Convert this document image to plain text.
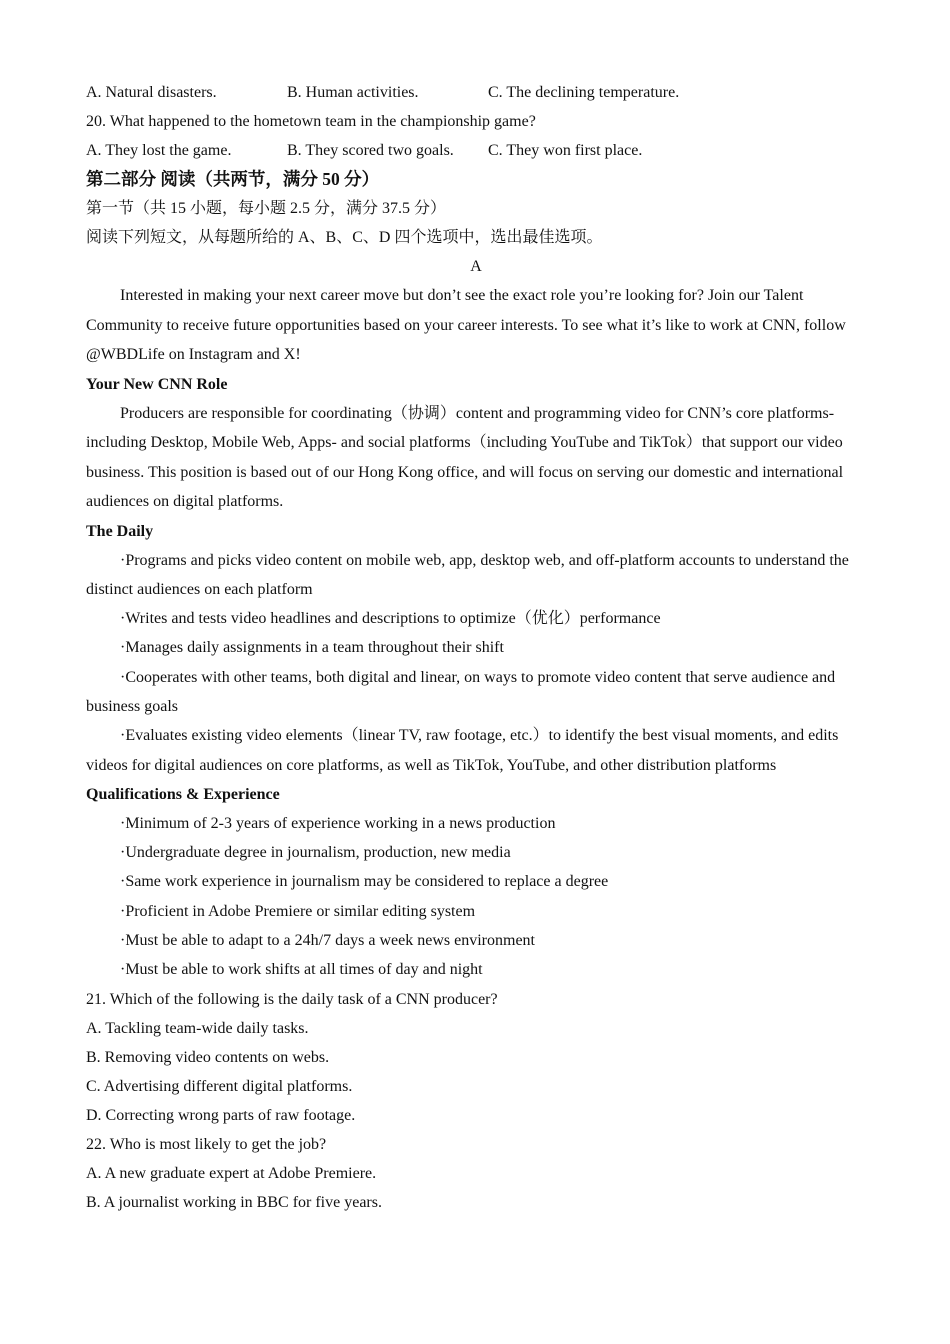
A. Natural disasters.	B. Human activities.	C. The declining temperature.
20. What happened to the hometown team in the championship game?
A. They lost the game.	B. They scored two goals. C. They won first place.
第二部分 阅读（共两节，满分 50 分）
第一节（共 15 小题，每小题 2.5 分，满分 37.5 分）
阅读下列短文，从每题所给的 A、B、C、D 四个选项中，选出最佳选项。
A
Interested in making your next career move but don’t see the exact role you’re looking for? Join our Talent Community to receive future opportunities based on your career interests. To see what it’s like to work at CNN, follow @WBDLife on Instagram and X!
Your New CNN Role
Producers are responsible for coordinating（协调）content and programming video for CNN’s core platforms-including Desktop, Mobile Web, Apps- and social platforms（including YouTube and TikTok）that support our video business. This position is based out of our Hong Kong office, and will focus on serving our domestic and international audiences on digital platforms.
The Daily
·Programs and picks video content on mobile web, app, desktop web, and off-platform accounts to understand the distinct audiences on each platform
·Writes and tests video headlines and descriptions to optimize（优化）performance
·Manages daily assignments in a team throughout their shift
·Cooperates with other teams, both digital and linear, on ways to promote video content that serve audience and business goals
·Evaluates existing video elements（linear TV, raw footage, etc.）to identify the best visual moments, and edits videos for digital audiences on core platforms, as well as TikTok, YouTube, and other distribution platforms
Qualifications & Experience
·Minimum of 2-3 years of experience working in a news production
·Undergraduate degree in journalism, production, new media
·Same work experience in journalism may be considered to replace a degree
·Proficient in Adobe Premiere or similar editing system
·Must be able to adapt to a 24h/7 days a week news environment
·Must be able to work shifts at all times of day and night
21. Which of the following is the daily task of a CNN producer?
A. Tackling team-wide daily tasks.
B. Removing video contents on webs.
C. Advertising different digital platforms.
D. Correcting wrong parts of raw footage.
22. Who is most likely to get the job?
A. A new graduate expert at Adobe Premiere.
B. A journalist working in BBC for five years.
